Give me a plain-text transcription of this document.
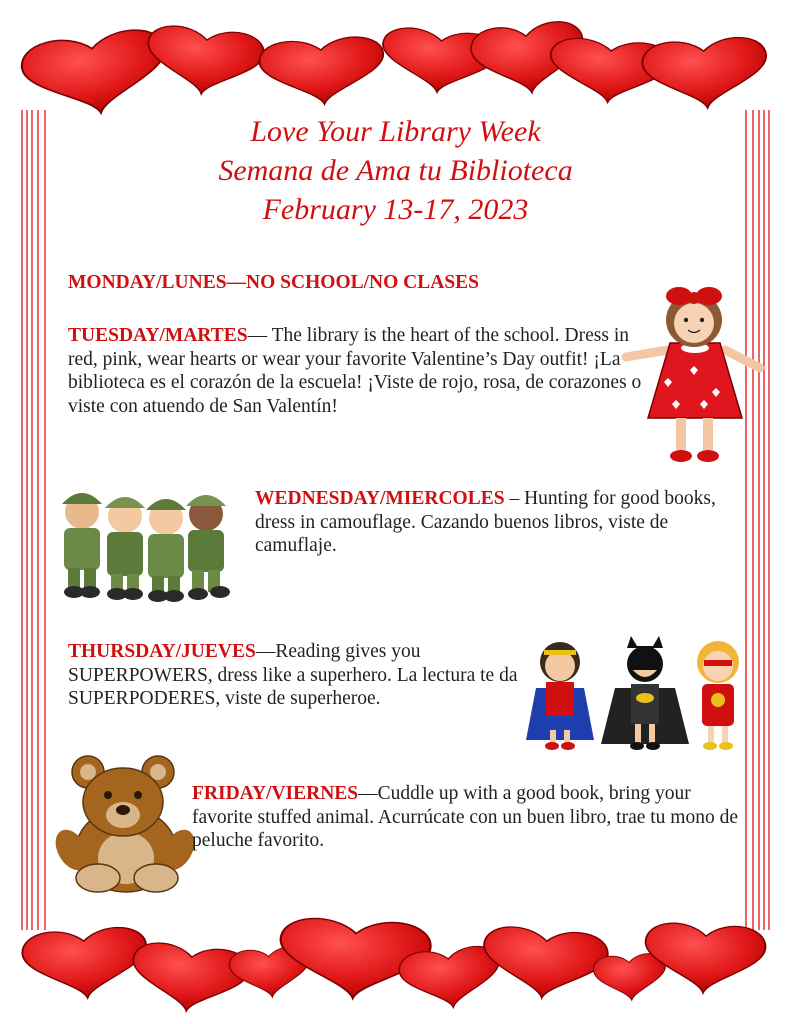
Love Your Library Week
Semana de Ama tu Biblioteca
February 13-17, 2023
MONDAY/LUNES—NO SCHOOL/NO CLASES
TUESDAY/MARTES— The library is the heart of the school. Dress in red, pink, wear hearts or wear your favorite Valentine’s Day outfit! ¡La biblioteca es el corazón de la escuela! ¡Viste de rojo, rosa, de corazones o viste con atuendo de San Valentín!
WEDNESDAY/MIERCOLES – Hunting for good books, dress in camouflage. Cazando buenos libros, viste de camuflaje.
THURSDAY/JUEVES—Reading gives you SUPERPOWERS, dress like a superhero. La lectura te da SUPERPODERES, viste de superheroe.
FRIDAY/VIERNES—Cuddle up with a good book, bring your favorite stuffed animal. Acurrúcate con un buen libro, trae tu mono de peluche favorito.
